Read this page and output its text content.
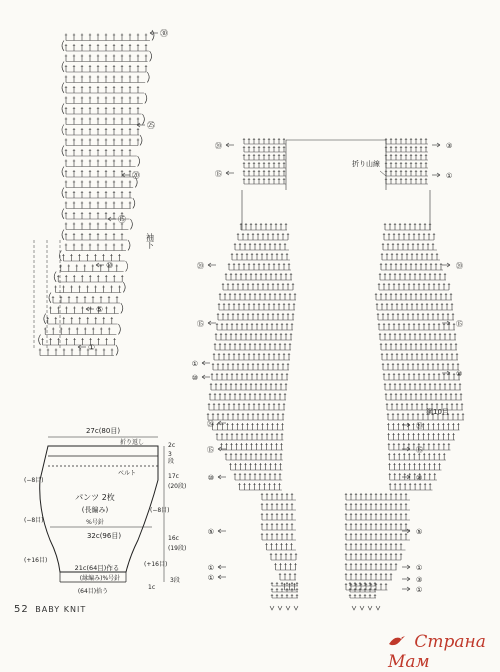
㉚
㉕
⑳
⑮
⑩
⑤
①
袖下
27c(80目)
折り返し
ベルト
パンツ 2枚
(長編み)
%号針
32c(96目)
21c(64目)作る
(縁編み)%号針
(64目)拾う
(−8目)
(−8目)
(+16目)
(−8目)
(+16目)
2c
3
段
17c
(20段)
16c
(19段)
1c
3段
折り山線
⑳
⑮
⑳
⑮
①
⑩
⑳
⑮
⑩
⑤
①
①
③
①
⑳
⑮
⑩
⑳
⑮
⑩
⑤
①
③
①
鋼10目
52 BABY KNIT
Страна Мам
